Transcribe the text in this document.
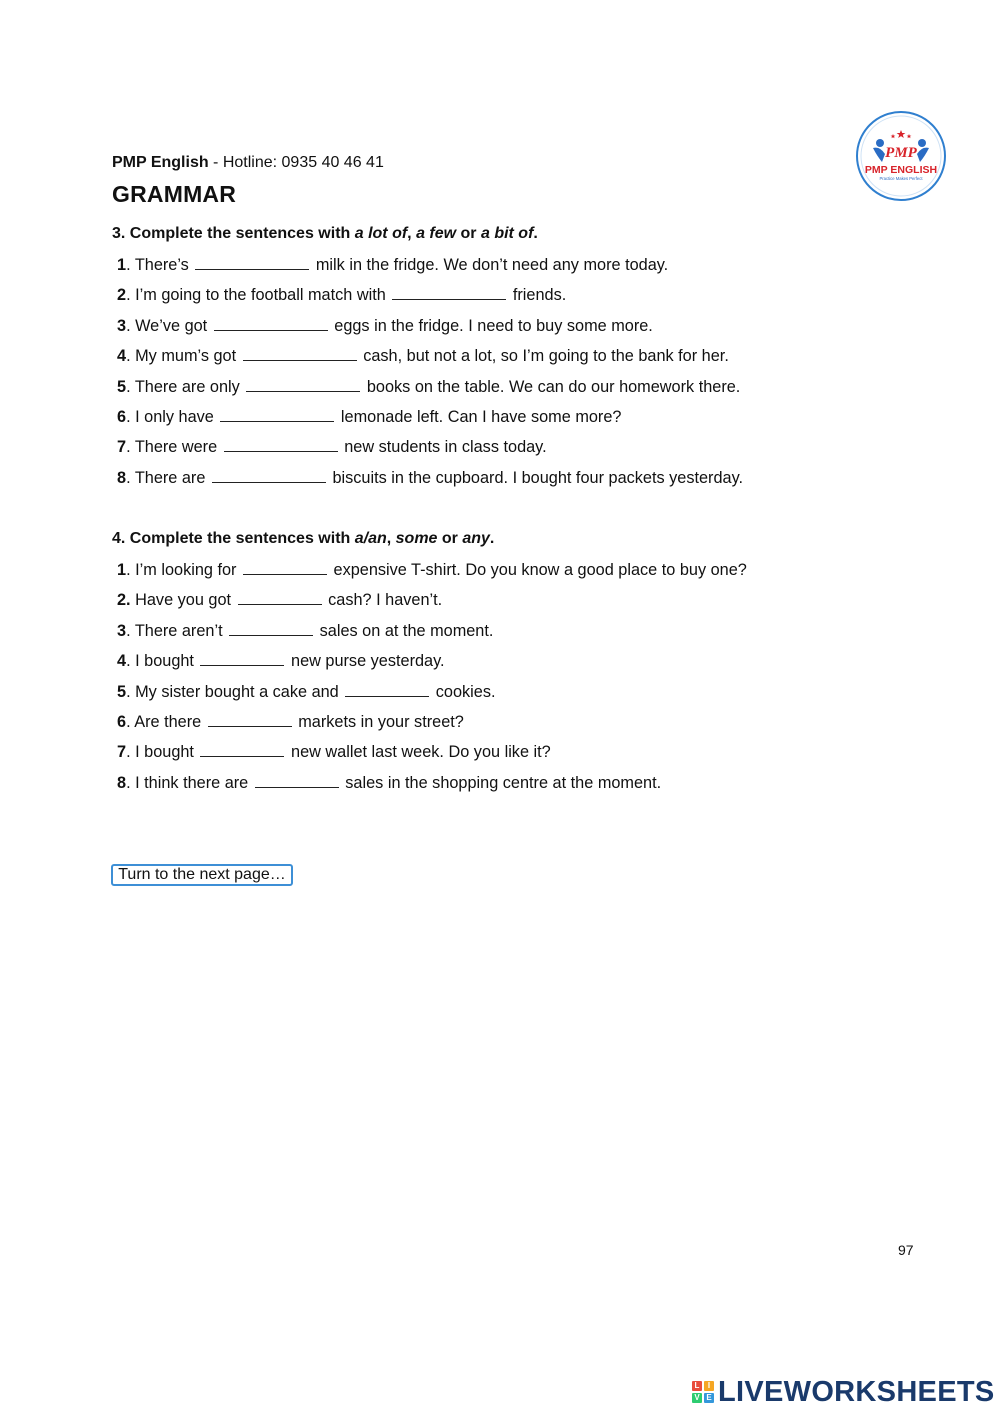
PMP English - Hotline: 0935 40 46 41
GRAMMAR
PMP
PMP ENGLISH
Practice Makes Perfect
3. Complete the sentences with a lot of, a few or a bit of.
1. There’s	milk in the fridge. We don’t need any more today.
2. I’m going to the football match with	friends.
3. We’ve got	eggs in the fridge. I need to buy some more.
4. My mum’s got	cash, but not a lot, so I’m going to the bank for her.
5. There are only	books on the table. We can do our homework there.
6. I only have	lemonade left. Can I have some more?
7. There were	new students in class today.
8. There are	biscuits in the cupboard. I bought four packets yesterday.
4. Complete the sentences with a/an, some or any.
1. I’m looking for	expensive T-shirt. Do you know a good place to buy one?
2. Have you got	cash? I haven’t.
3. There aren’t	sales on at the moment.
4. I bought	new purse yesterday.
5. My sister bought a cake and	cookies.
6. Are there	markets in your street?
7. I bought	new wallet last week. Do you like it?
8. I think there are	sales in the shopping centre at the moment.
Turn to the next page…
97
L	I
V E LIVEWORKSHEETS
